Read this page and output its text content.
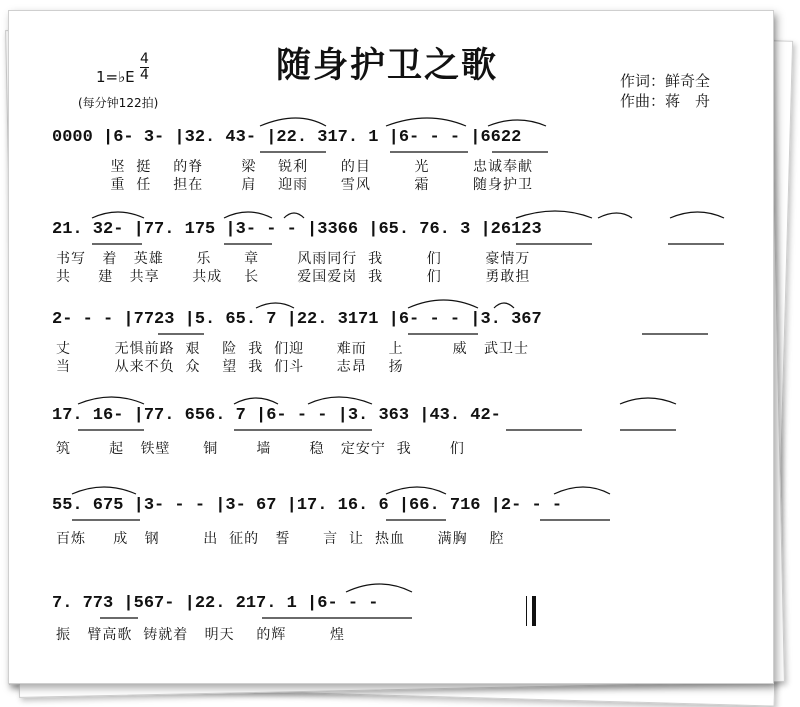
随身护卫之歌
1=♭E $\frac{4}{4}$
(每分钟122拍)
作词：鲜奇全
作曲：蒋　舟
0000 |6- 3- |32. 43- |22. 317. 1 |6- - - |6622
坚  挺    的脊       梁    锐利      的目        光        忠诚奉献
重  任    担在       肩    迎雨      雪风        霜        随身护卫
21. 32- |77. 175 |3- - - |3366 |65. 76. 3 |26123
书写   着   英雄      乐      章       风雨同行  我        们        豪情万
共     建   共享      共成    长       爱国爱岗  我        们        勇敢担
2- - - |7723 |5. 65. 7 |22. 3171 |6- - - |3. 367
丈        无惧前路  艰    险  我  们迎      难而    上         威   武卫士
当        从来不负  众    望  我  们斗      志昂    扬
17. 16- |77. 656. 7 |6- - - |3. 363 |43. 42-
筑       起   铁壁      铜       墙       稳   定安宁  我       们
55. 675 |3- - - |3- 67 |17. 16. 6 |66. 716 |2- - -
百炼     成   钢        出  征的   誓      言  让  热血      满胸    腔
7. 773 |567- |22. 217. 1 |6- - -
振   臂高歌  铸就着   明天    的辉        煌
